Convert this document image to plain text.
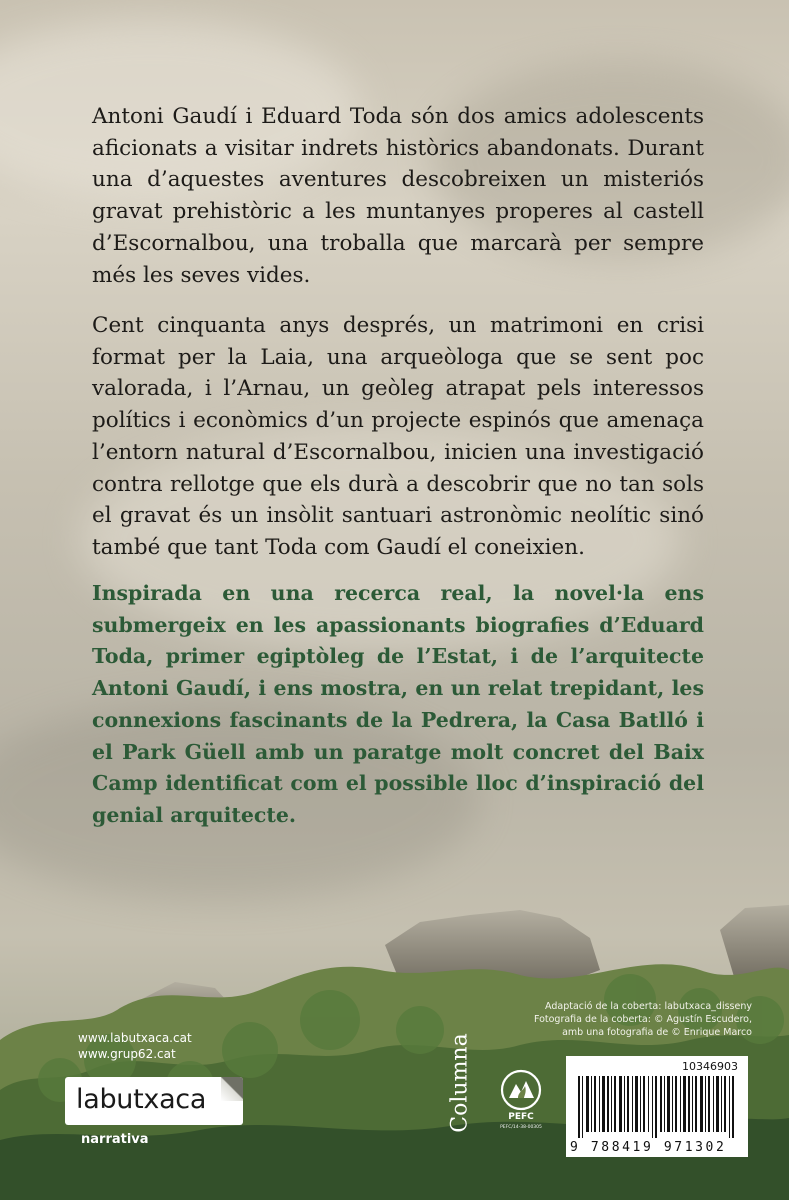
Antoni Gaudí i Eduard Toda són dos amics adolescents aficionats a visitar indrets històrics abandonats. Durant una d’aquestes aventures descobreixen un misteriós gravat prehistòric a les muntanyes properes al castell d’Escornalbou, una troballa que marcarà per sempre més les seves vides.

Cent cinquanta anys després, un matrimoni en crisi format per la Laia, una arqueòloga que se sent poc valorada, i l’Arnau, un geòleg atrapat pels interessos polítics i econòmics d’un projecte espinós que amenaça l’entorn natural d’Escornalbou, inicien una investigació contra rellotge que els durà a descobrir que no tan sols el gravat és un insòlit santuari astronòmic neolític sinó també que tant Toda com Gaudí el coneixien.

Inspirada en una recerca real, la novel·la ens submergeix en les apassionants biografies d’Eduard Toda, primer egiptòleg de l’Estat, i de l’arquitecte Antoni Gaudí, i ens mostra, en un relat trepidant, les connexions fascinants de la Pedrera, la Casa Batlló i el Park Güell amb un paratge molt concret del Baix Camp identificat com el possible lloc d’inspiració del genial arquitecte.

Adaptació de la coberta: labutxaca_disseny
Fotografia de la coberta: © Agustín Escudero,
amb una fotografia de © Enrique Marco
www.labutxaca.cat
www.grup62.cat
labutxaca
narrativa
Columna	PEFC
PEFC/14-38-00305
10346903
9 788419 971302
